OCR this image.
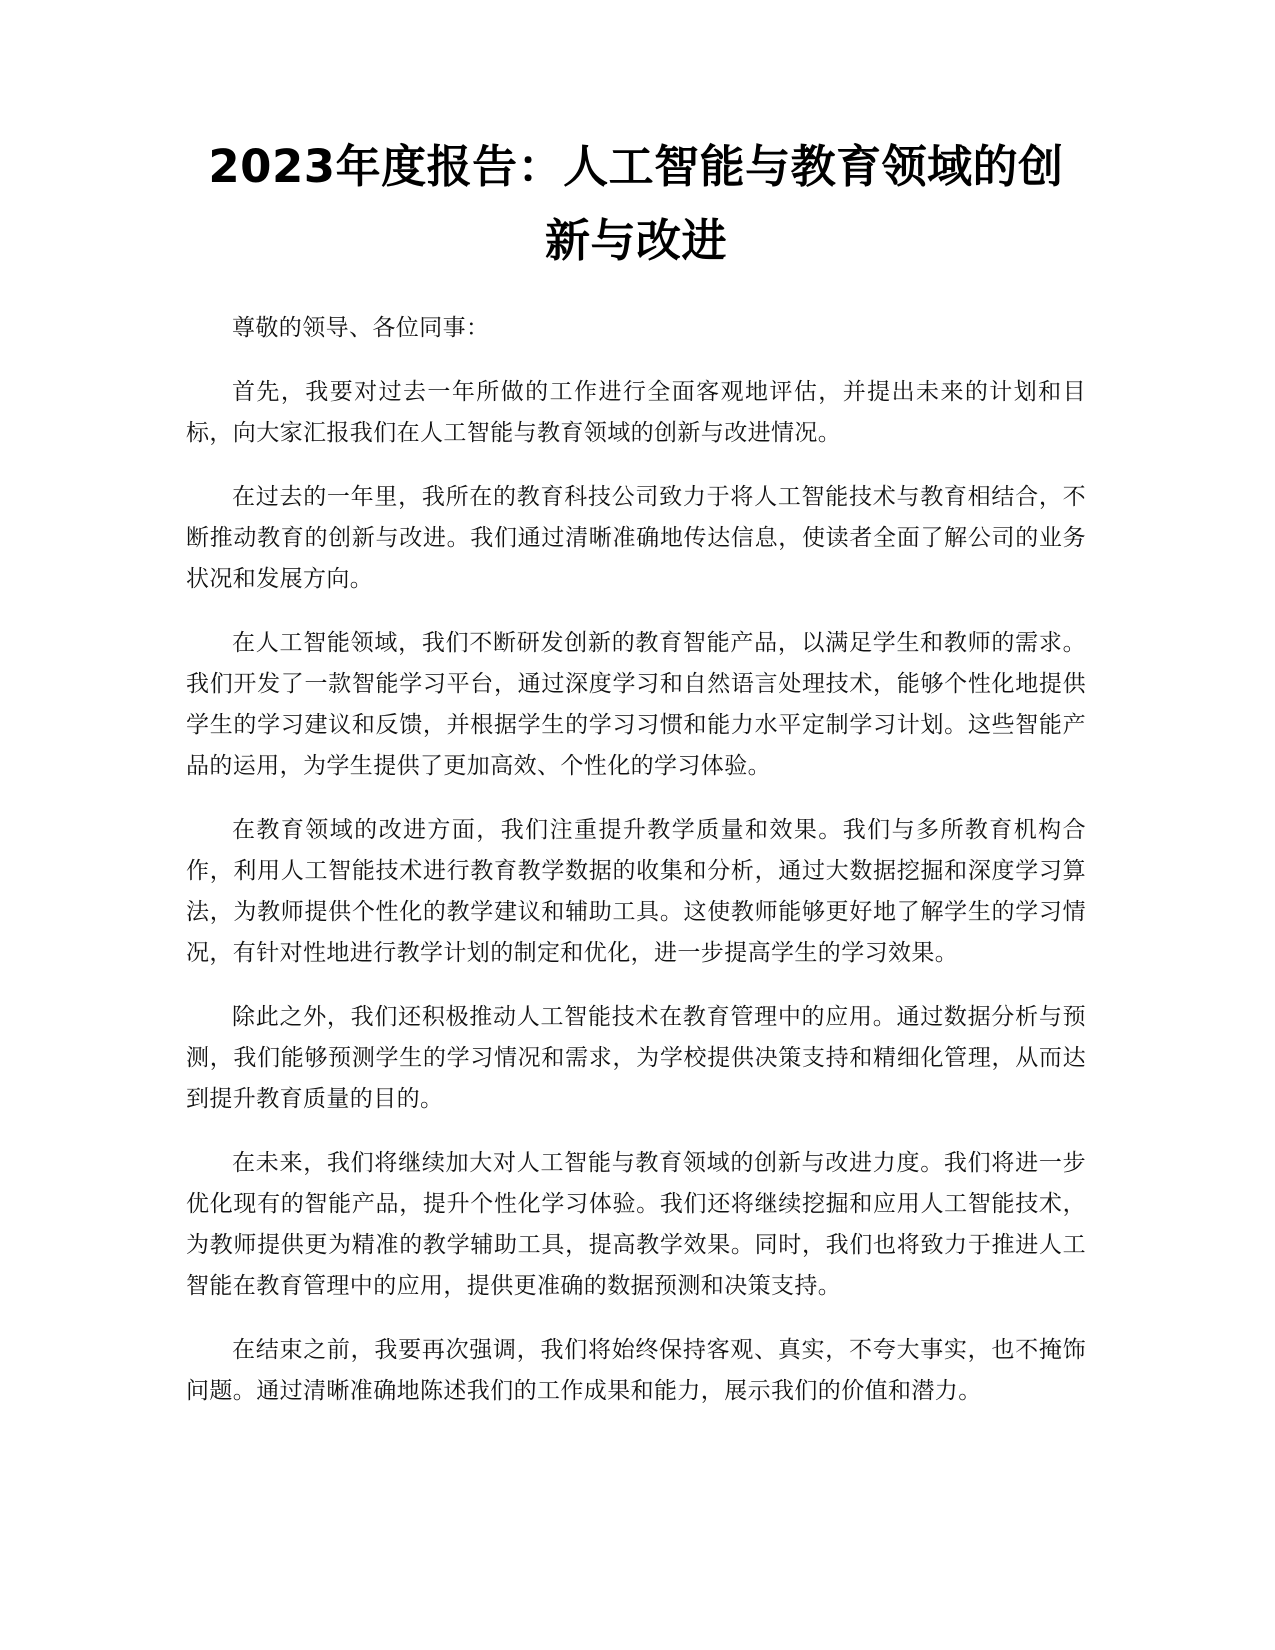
2023年度报告：人工智能与教育领域的创新与改进

尊敬的领导、各位同事：

首先，我要对过去一年所做的工作进行全面客观地评估，并提出未来的计划和目标，向大家汇报我们在人工智能与教育领域的创新与改进情况。

在过去的一年里，我所在的教育科技公司致力于将人工智能技术与教育相结合，不断推动教育的创新与改进。我们通过清晰准确地传达信息，使读者全面了解公司的业务状况和发展方向。

在人工智能领域，我们不断研发创新的教育智能产品，以满足学生和教师的需求。我们开发了一款智能学习平台，通过深度学习和自然语言处理技术，能够个性化地提供学生的学习建议和反馈，并根据学生的学习习惯和能力水平定制学习计划。这些智能产品的运用，为学生提供了更加高效、个性化的学习体验。

在教育领域的改进方面，我们注重提升教学质量和效果。我们与多所教育机构合作，利用人工智能技术进行教育教学数据的收集和分析，通过大数据挖掘和深度学习算法，为教师提供个性化的教学建议和辅助工具。这使教师能够更好地了解学生的学习情况，有针对性地进行教学计划的制定和优化，进一步提高学生的学习效果。

除此之外，我们还积极推动人工智能技术在教育管理中的应用。通过数据分析与预测，我们能够预测学生的学习情况和需求，为学校提供决策支持和精细化管理，从而达到提升教育质量的目的。

在未来，我们将继续加大对人工智能与教育领域的创新与改进力度。我们将进一步优化现有的智能产品，提升个性化学习体验。我们还将继续挖掘和应用人工智能技术，为教师提供更为精准的教学辅助工具，提高教学效果。同时，我们也将致力于推进人工智能在教育管理中的应用，提供更准确的数据预测和决策支持。

在结束之前，我要再次强调，我们将始终保持客观、真实，不夸大事实，也不掩饰问题。通过清晰准确地陈述我们的工作成果和能力，展示我们的价值和潜力。
